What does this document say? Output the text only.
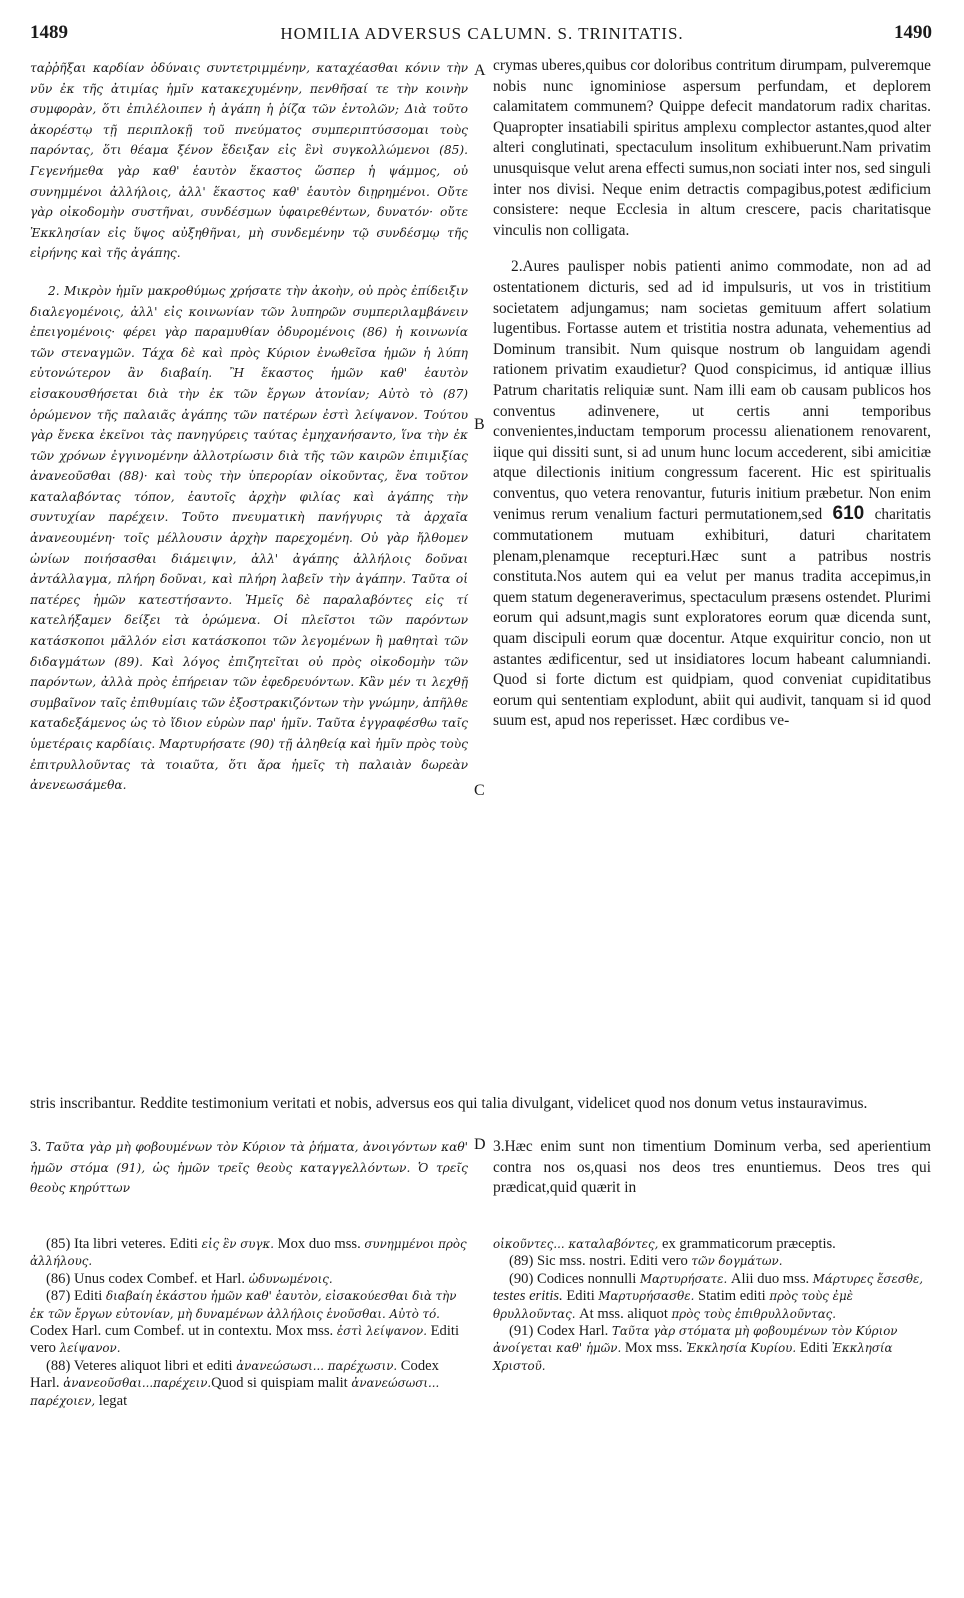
1489	HOMILIA ADVERSUS CALUMN. S. TRINITATIS.	1490
A
B
C
D

ταῤῥῆξαι καρδίαν ὀδύναις συντετριμμένην, καταχέασθαι κόνιν τὴν νῦν ἐκ τῆς ἀτιμίας ἡμῖν κατακεχυμένην, πενθῆσαί τε τὴν κοινὴν συμφορὰν, ὅτι ἐπιλέλοιπεν ἡ ἀγάπη ἡ ῥίζα τῶν ἐντολῶν; Διὰ τοῦτο ἀκορέστῳ τῇ περιπλοκῇ τοῦ πνεύματος συμπεριπτύσσομαι τοὺς παρόντας, ὅτι θέαμα ξένον ἔδειξαν εἰς ἓνὶ συγκολλώμενοι (85). Γεγενήμεθα γὰρ καθ' ἑαυτὸν ἕκαστος ὥσπερ ἡ ψάμμος, οὐ συνημμένοι ἀλλήλοις, ἀλλ' ἕκαστος καθ' ἑαυτὸν διῃρημένοι. Οὔτε γὰρ οἰκοδομὴν συστῆναι, συνδέσμων ὑφαιρεθέντων, δυνατόν· οὔτε Ἐκκλησίαν εἰς ὕψος αὐξηθῆναι, μὴ συνδεμένην τῷ συνδέσμῳ τῆς εἰρήνης καὶ τῆς ἀγάπης.

2. Μικρὸν ἡμῖν μακροθύμως χρήσατε τὴν ἀκοὴν, οὐ πρὸς ἐπίδειξιν διαλεγομένοις, ἀλλ' εἰς κοινωνίαν τῶν λυπηρῶν συμπεριλαμβάνειν ἐπειγομένοις· φέρει γὰρ παραμυθίαν ὀδυρομένοις (86) ἡ κοινωνία τῶν στεναγμῶν. Τάχα δὲ καὶ πρὸς Κύριον ἐνωθεῖσα ἡμῶν ἡ λύπη εὐτονώτερον ἂν διαβαίη. Ἢ ἕκαστος ἡμῶν καθ' ἑαυτὸν εἰσακουσθήσεται διὰ τὴν ἐκ τῶν ἔργων ἀτονίαν; Αὐτὸ τὸ (87) ὁρώμενον τῆς παλαιᾶς ἀγάπης τῶν πατέρων ἐστὶ λείψανον. Τούτου γὰρ ἕνεκα ἐκεῖνοι τὰς πανηγύρεις ταύτας ἐμηχανήσαντο, ἵνα τὴν ἐκ τῶν χρόνων ἐγγινομένην ἀλλοτρίωσιν διὰ τῆς τῶν καιρῶν ἐπιμιξίας ἀνανεοῦσθαι (88)· καὶ τοὺς τὴν ὑπερορίαν οἰκοῦντας, ἕνα τοῦτον καταλαβόντας τόπον, ἑαυτοῖς ἀρχὴν φιλίας καὶ ἀγάπης τὴν συντυχίαν παρέχειν. Τοῦτο πνευματικὴ πανήγυρις τὰ ἀρχαῖα ἀνανεουμένη· τοῖς μέλλουσιν ἀρχὴν παρεχομένη. Οὐ γὰρ ἤλθομεν ὠνίων ποιήσασθαι διάμειψιν, ἀλλ' ἀγάπης ἀλλήλοις δοῦναι ἀντάλλαγμα, πλήρη δοῦναι, καὶ πλήρη λαβεῖν τὴν ἀγάπην. Ταῦτα οἱ πατέρες ἡμῶν κατεστήσαντο. Ἡμεῖς δὲ παραλαβόντες εἰς τί κατελήξαμεν δείξει τὰ ὁρώμενα. Οἱ πλεῖστοι τῶν παρόντων κατάσκοποι μᾶλλόν εἰσι κατάσκοποι τῶν λεγομένων ἢ μαθηταὶ τῶν διδαγμάτων (89). Καὶ λόγος ἐπιζητεῖται οὐ πρὸς οἰκοδομὴν τῶν παρόντων, ἀλλὰ πρὸς ἐπήρειαν τῶν ἐφεδρευόντων. Κἂν μέν τι λεχθῇ συμβαῖνον ταῖς ἐπιθυμίαις τῶν ἐξοστρακιζόντων τὴν γνώμην, ἀπῆλθε καταδεξάμενος ὡς τὸ ἴδιον εὑρὼν παρ' ἡμῖν. Ταῦτα ἐγγραφέσθω ταῖς ὑμετέραις καρδίαις. Μαρτυρήσατε (90) τῇ ἀληθείᾳ καὶ ἡμῖν πρὸς τοὺς ἐπιτρυλλοῦντας τὰ τοιαῦτα, ὅτι ἄρα ἡμεῖς τὴ παλαιὰν δωρεὰν ἀνενεωσάμεθα.

crymas uberes,quibus cor doloribus contritum dirumpam, pulveremque nobis nunc ignominiose aspersum perfundam, et deplorem calamitatem communem? Quippe defecit mandatorum radix charitas. Quapropter insatiabili spiritus amplexu complector astantes,quod alter alteri conglutinati, spectaculum insolitum exhibuerunt.Nam privatim unusquisque velut arena effecti sumus,non sociati inter nos, sed singuli inter nos divisi. Neque enim detractis compagibus,potest ædificium consistere: neque Ecclesia in altum crescere, pacis charitatisque vinculis non colligata.

2.Aures paulisper nobis patienti animo commodate, non ad ad ostentationem dicturis, sed ad id impulsuris, ut vos in tristitium societatem adjungamus; nam societas gemituum affert solatium lugentibus. Fortasse autem et tristitia nostra adunata, vehementius ad Dominum transibit. Num quisque nostrum ob languidam agendi rationem privatim exaudietur? Quod conspicimus, id antiquæ illius Patrum charitatis reliquiæ sunt. Nam illi eam ob causam publicos hos conventus adinvenere, ut certis anni temporibus convenientes,inductam temporum processu alienationem renovarent, iique qui dissiti sunt, si ad unum hunc locum accederent, sibi amicitiæ atque dilectionis initium congressum facerent. Hic est spiritualis conventus, quo vetera renovantur, futuris initium præbetur. Non enim venimus rerum venalium facturi permutationem,sed 610 charitatis commutationem mutuam exhibituri, daturi charitatem plenam,plenamque recepturi.Hæc sunt a patribus nostris constituta.Nos autem qui ea velut per manus tradita accepimus,in quem statum degeneraverimus, spectaculum præsens ostendet. Plurimi eorum qui adsunt,magis sunt exploratores eorum quæ dicenda sunt, quam discipuli eorum quæ docentur. Atque exquiritur concio, non ut astantes ædificentur, sed ut insidiatores locum habeant calumniandi. Quod si forte dictum est quidpiam, quod conveniat cupiditatibus eorum qui sententiam explodunt, abiit qui audivit, tanquam si id quod suum est, apud nos reperisset. Hæc cordibus ve-

stris inscribantur. Reddite testimonium veritati et nobis, adversus eos qui talia divulgant, videlicet quod nos donum vetus instauravimus.
3. Ταῦτα γὰρ μὴ φοβουμένων τὸν Κύριον τὰ ῥήματα, ἀνοιγόντων καθ' ἡμῶν στόμα (91), ὡς ἡμῶν τρεῖς θεοὺς καταγγελλόντων. Ὁ τρεῖς θεοὺς κηρύττων
3.Hæc enim sunt non timentium Dominum verba, sed aperientium contra nos os,quasi nos deos tres enuntiemus. Deos tres qui prædicat,quid quærit in

(85) Ita libri veteres. Editi εἰς ἓν συγκ. Mox duo mss. συνημμένοι πρὸς ἀλλήλους.

(86) Unus codex Combef. et Harl. ὠδυνωμένοις.

(87) Editi διαβαίη ἑκάστου ἡμῶν καθ' ἑαυτὸν, εἰσακούεσθαι διὰ τὴν ἐκ τῶν ἔργων εὐτονίαν, μὴ δυναμένων ἀλλήλοις ἑνοῦσθαι. Αὐτὸ τό. Codex Harl. cum Combef. ut in contextu. Mox mss. ἐστὶ λείψανον. Editi vero λείψανον.

(88) Veteres aliquot libri et editi ἀνανεώσωσι... παρέχωσιν. Codex Harl. ἀνανεοῦσθαι...παρέχειν.Quod si quispiam malit ἀνανεώσωσι... παρέχοιεν, legat

οἰκοῦντες... καταλαβόντες, ex grammaticorum præceptis.

(89) Sic mss. nostri. Editi vero τῶν δογμάτων.

(90) Codices nonnulli Μαρτυρήσατε. Alii duo mss. Μάρτυρες ἔσεσθε, testes eritis. Editi Μαρτυρήσασθε. Statim editi πρὸς τοὺς ἐμὲ θρυλλοῦντας. At mss. aliquot πρὸς τοὺς ἐπιθρυλλοῦντας.

(91) Codex Harl. Ταῦτα γὰρ στόματα μὴ φοβουμένων τὸν Κύριον ἀνοίγεται καθ' ἡμῶν. Mox mss. Ἐκκλησία Κυρίου. Editi Ἐκκλησία Χριστοῦ.
